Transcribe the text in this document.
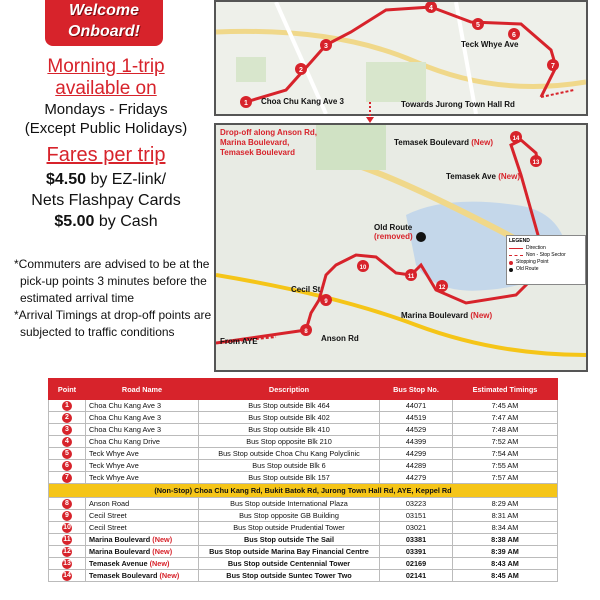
Welcome
Onboard!
Morning 1-trip
available on
Mondays - Fridays
(Except Public Holidays)
Fares per trip
$4.50 by EZ-link/
Nets Flashpay Cards
$5.00 by Cash

*Commuters are advised to be at the pick-up points 3 minutes before the estimated arrival time

*Arrival Timings at drop-off points are subjected to traffic conditions

1
2
3
4
5
6
7
Choa Chu Kang Ave 3
Teck Whye Ave
Towards Jurong Town Hall Rd
8
9
10
11
12
13
14
Drop-off along Anson Rd, Marina Boulevard, Temasek Boulevard
Temasek Boulevard (New)
Temasek Ave (New)
Old Route
(removed)
Cecil St
Anson Rd
From AYE
Marina Boulevard (New)
LEGEND
Direction
Non - Stop Sector
Stopping Point
Old Route
Point	Road Name	Description	Bus Stop No.	Estimated Timings
1	Choa Chu Kang Ave 3	Bus Stop outside Blk 464	44071	7:45 AM
2	Choa Chu Kang Ave 3	Bus Stop outside Blk 402	44519	7:47 AM
3	Choa Chu Kang Ave 3	Bus Stop outside Blk 410	44529	7:48 AM
4	Choa Chu Kang Drive	Bus Stop opposite Blk 210	44399	7:52 AM
5	Teck Whye Ave	Bus Stop outside Choa Chu Kang Polyclinic	44299	7:54 AM
6	Teck Whye Ave	Bus Stop outside Blk 6	44289	7:55 AM
7	Teck Whye Ave	Bus Stop outside Blk 157	44279	7:57 AM
(Non-Stop) Choa Chu Kang Rd, Bukit Batok Rd, Jurong Town Hall Rd, AYE, Keppel Rd				
8	Anson Road	Bus Stop outside International Plaza	03223	8:29 AM
9	Cecil Street	Bus Stop opposite GB Building	03151	8:31 AM
10	Cecil Street	Bus Stop outside Prudential Tower	03021	8:34 AM
11	Marina Boulevard (New)	Bus Stop outside The Sail	03381	8:38 AM
12	Marina Boulevard (New)	Bus Stop outside Marina Bay Financial Centre	03391	8:39 AM
13	Temasek Avenue (New)	Bus Stop outside Centennial Tower	02169	8:43 AM
14	Temasek Boulevard (New)	Bus Stop outside Suntec Tower Two	02141	8:45 AM
